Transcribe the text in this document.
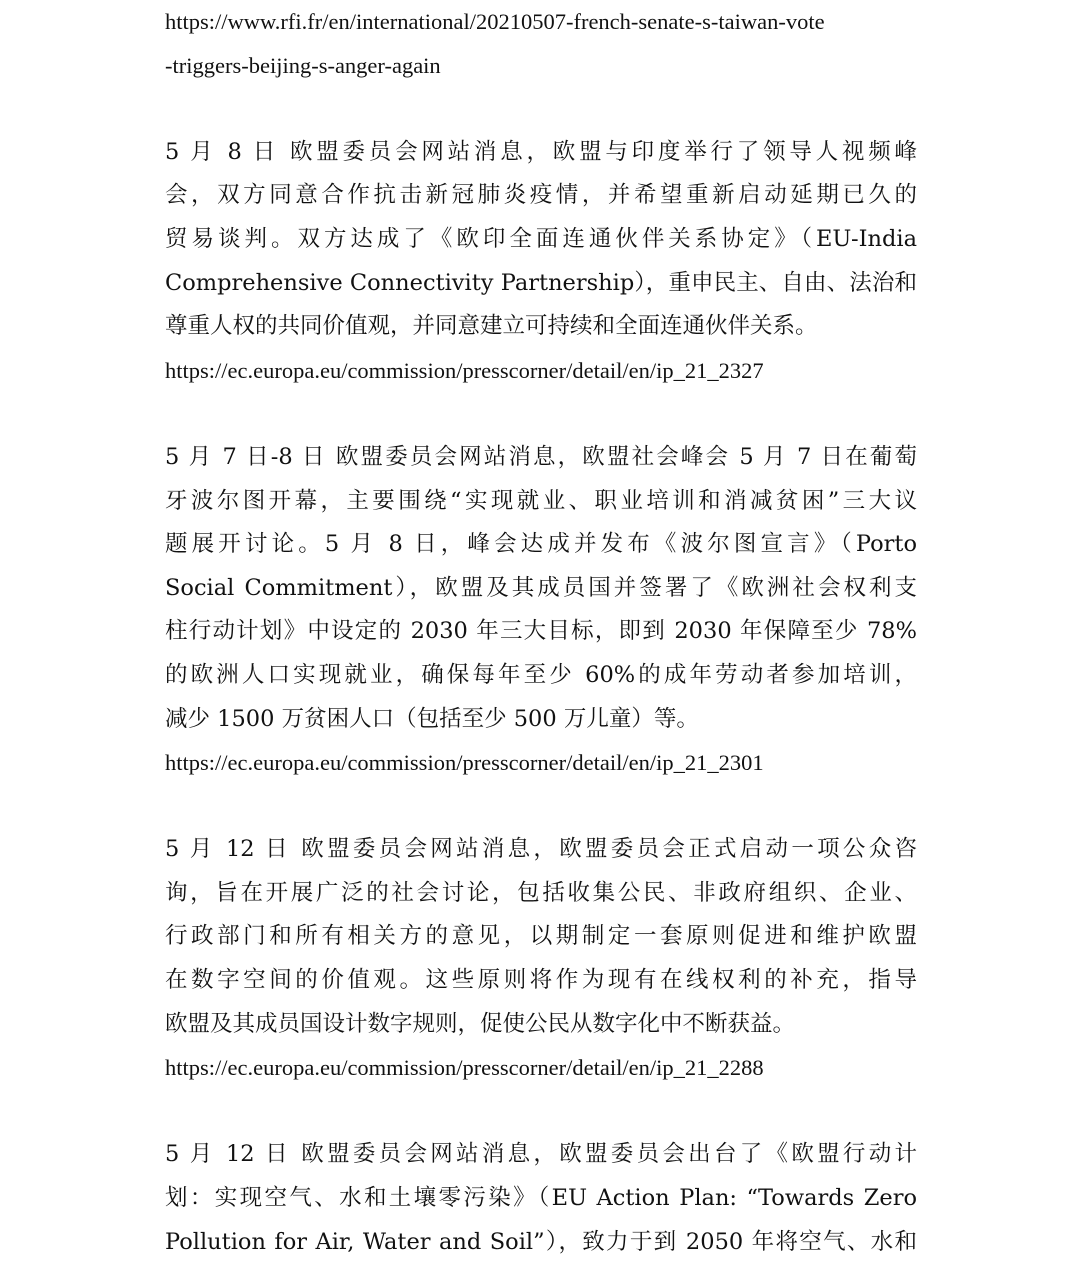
https://www.rfi.fr/en/international/20210507-french-senate-s-taiwan-vote
-triggers-beijing-s-anger-again
5 月 8 日 欧盟委员会网站消息，欧盟与印度举行了领导人视频峰
会，双方同意合作抗击新冠肺炎疫情，并希望重新启动延期已久的
贸易谈判。双方达成了《欧印全面连通伙伴关系协定》（EU-India
Comprehensive Connectivity Partnership），重申民主、自由、法治和
尊重人权的共同价值观，并同意建立可持续和全面连通伙伴关系。
https://ec.europa.eu/commission/presscorner/detail/en/ip_21_2327
5 月 7 日-8 日 欧盟委员会网站消息，欧盟社会峰会 5 月 7 日在葡萄
牙波尔图开幕，主要围绕“实现就业、职业培训和消减贫困”三大议
题展开讨论。5 月 8 日，峰会达成并发布《波尔图宣言》（Porto
Social Commitment），欧盟及其成员国并签署了《欧洲社会权利支
柱行动计划》中设定的 2030 年三大目标，即到 2030 年保障至少 78%
的欧洲人口实现就业，确保每年至少 60%的成年劳动者参加培训，
减少 1500 万贫困人口（包括至少 500 万儿童）等。
https://ec.europa.eu/commission/presscorner/detail/en/ip_21_2301
5 月 12 日 欧盟委员会网站消息，欧盟委员会正式启动一项公众咨
询，旨在开展广泛的社会讨论，包括收集公民、非政府组织、企业、
行政部门和所有相关方的意见，以期制定一套原则促进和维护欧盟
在数字空间的价值观。这些原则将作为现有在线权利的补充，指导
欧盟及其成员国设计数字规则，促使公民从数字化中不断获益。
https://ec.europa.eu/commission/presscorner/detail/en/ip_21_2288
5 月 12 日 欧盟委员会网站消息，欧盟委员会出台了《欧盟行动计
划：实现空气、水和土壤零污染》（EU Action Plan: “Towards Zero
Pollution for Air, Water and Soil”），致力于到 2050 年将空气、水和
